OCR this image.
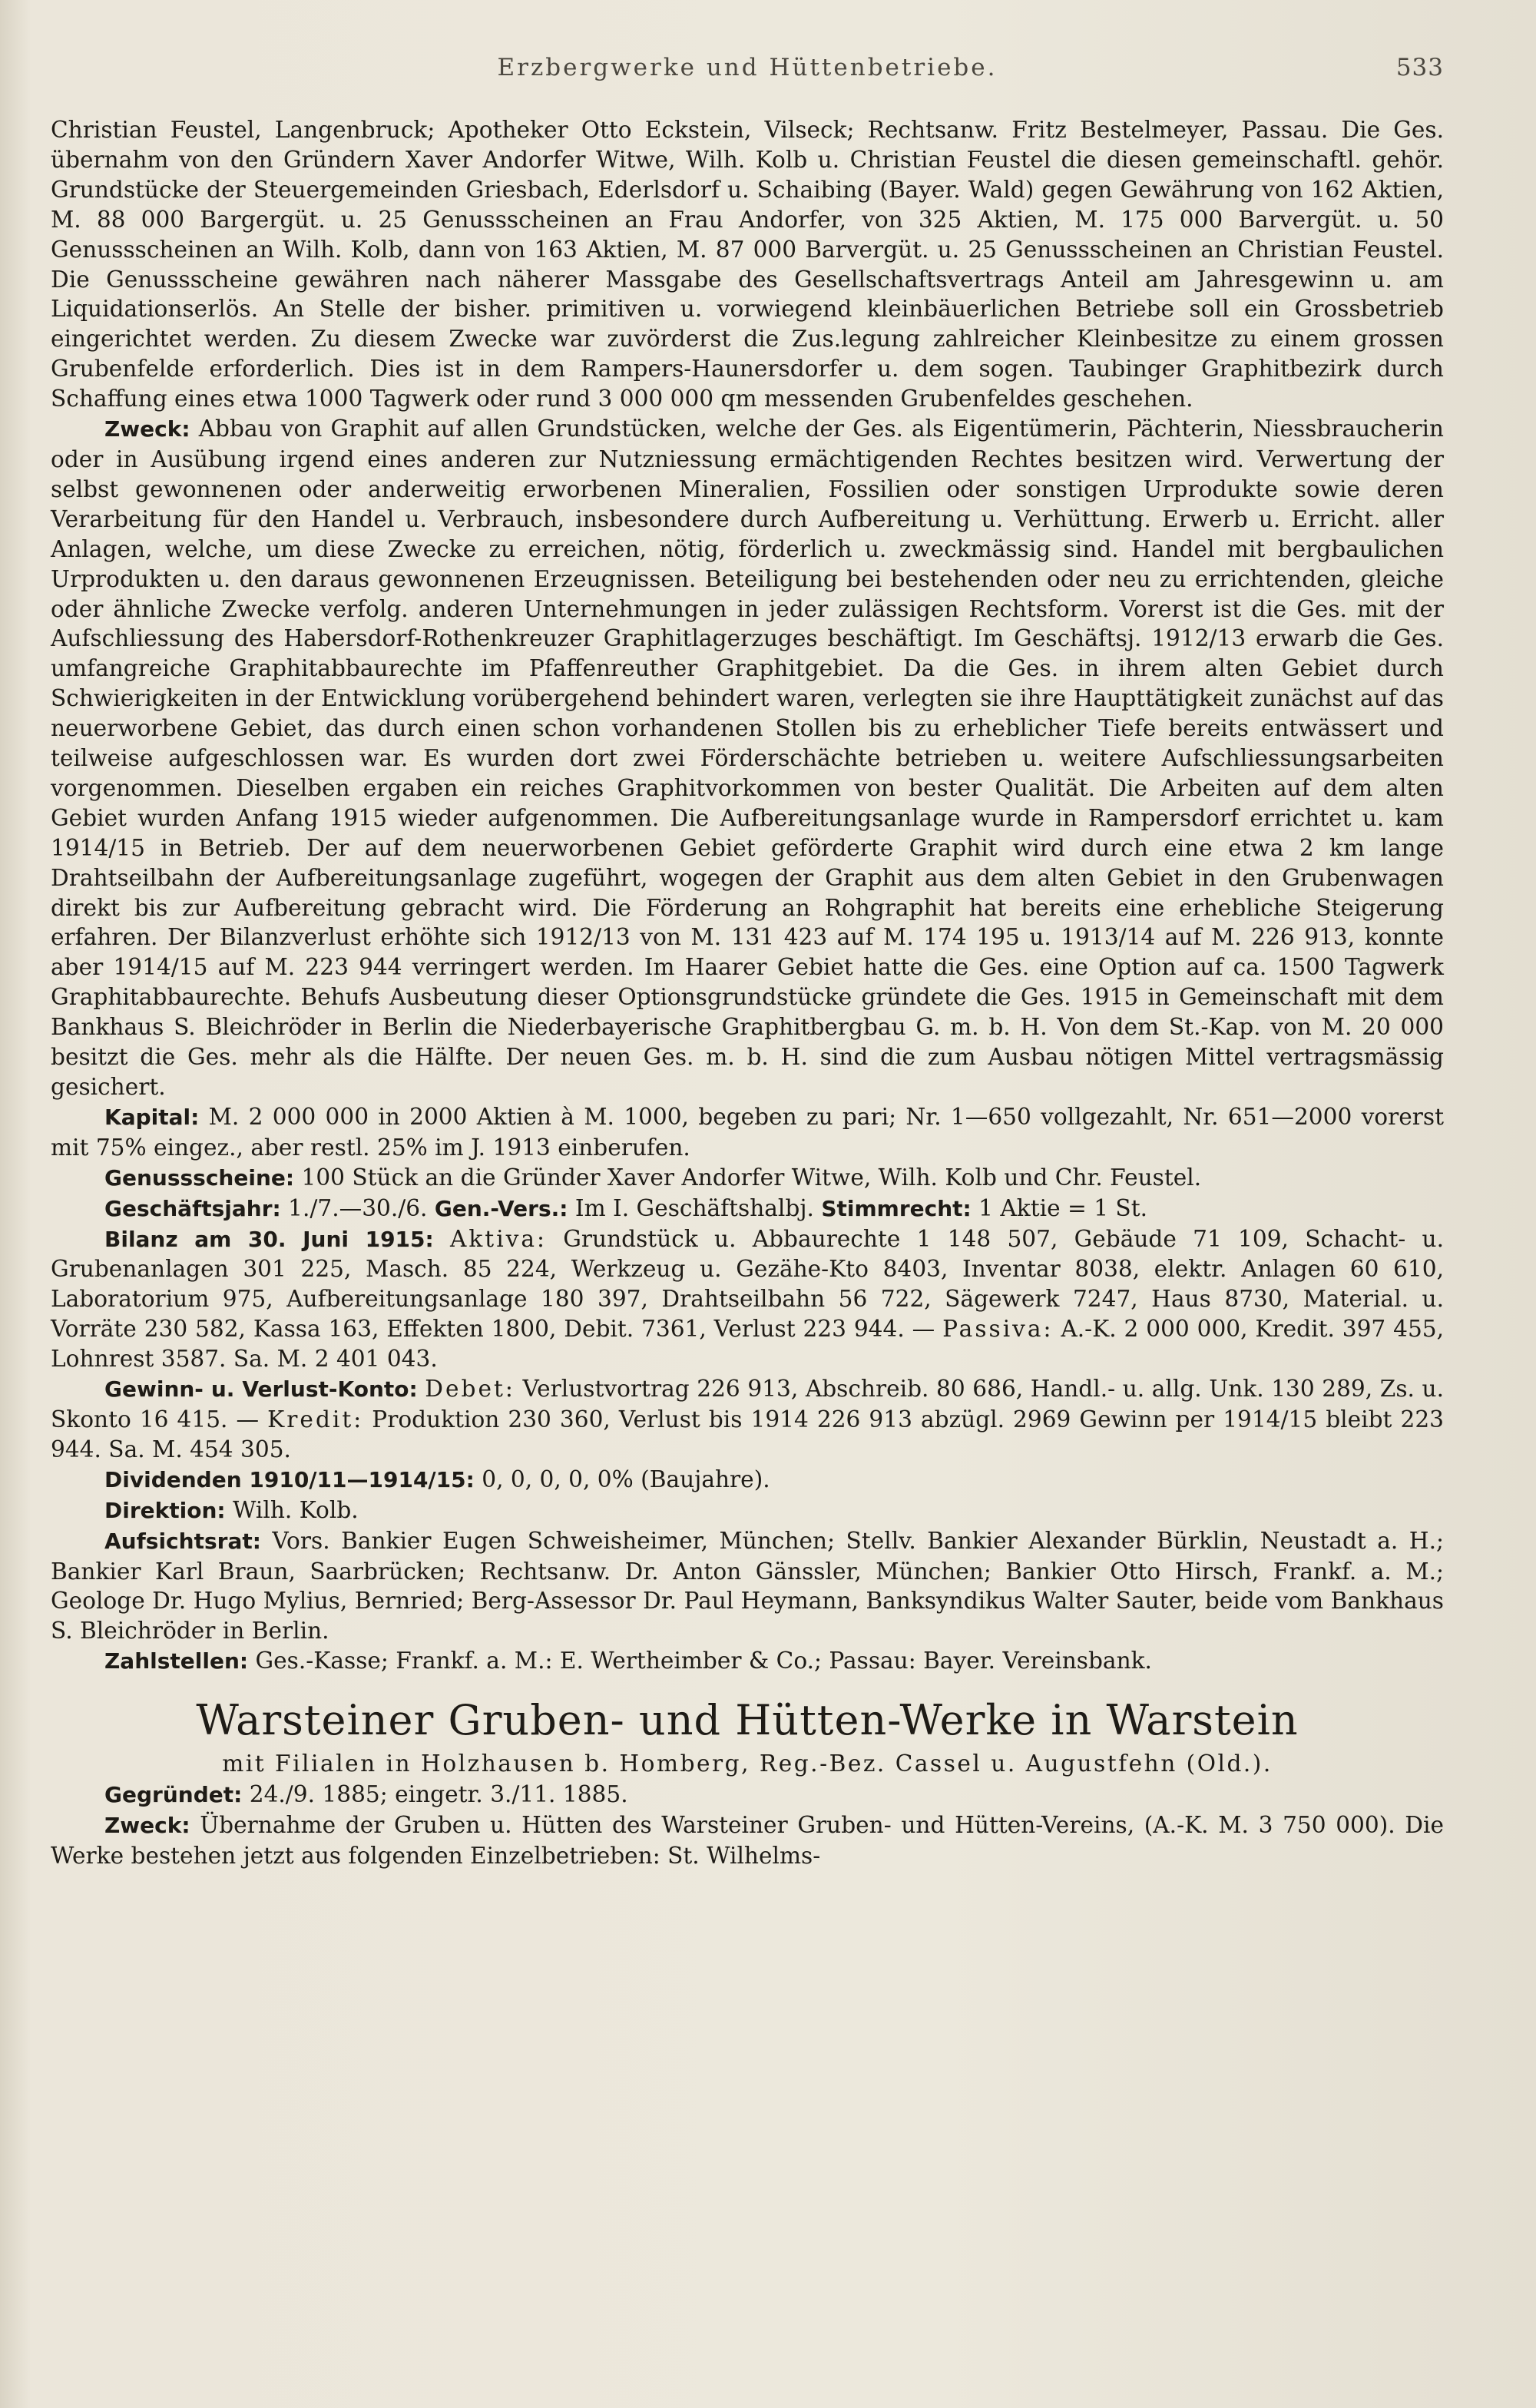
Erzbergwerke und Hüttenbetriebe.	533

Christian Feustel, Langenbruck; Apotheker Otto Eckstein, Vilseck; Rechtsanw. Fritz Bestelmeyer, Passau. Die Ges. übernahm von den Gründern Xaver Andorfer Witwe, Wilh. Kolb u. Christian Feustel die diesen gemeinschaftl. gehör. Grundstücke der Steuergemeinden Griesbach, Ederlsdorf u. Schaibing (Bayer. Wald) gegen Gewährung von 162 Aktien, M. 88 000 Bargergüt. u. 25 Genussscheinen an Frau Andorfer, von 325 Aktien, M. 175 000 Barvergüt. u. 50 Genussscheinen an Wilh. Kolb, dann von 163 Aktien, M. 87 000 Barvergüt. u. 25 Genussscheinen an Christian Feustel. Die Genussscheine gewähren nach näherer Massgabe des Gesellschaftsvertrags Anteil am Jahresgewinn u. am Liquidationserlös. An Stelle der bisher. primitiven u. vorwiegend kleinbäuerlichen Betriebe soll ein Grossbetrieb eingerichtet werden. Zu diesem Zwecke war zuvörderst die Zus.legung zahlreicher Kleinbesitze zu einem grossen Grubenfelde erforderlich. Dies ist in dem Rampers-Haunersdorfer u. dem sogen. Taubinger Graphitbezirk durch Schaffung eines etwa 1000 Tagwerk oder rund 3 000 000 qm messenden Grubenfeldes geschehen.

Zweck: Abbau von Graphit auf allen Grundstücken, welche der Ges. als Eigentümerin, Pächterin, Niessbraucherin oder in Ausübung irgend eines anderen zur Nutzniessung ermächtigenden Rechtes besitzen wird. Verwertung der selbst gewonnenen oder anderweitig erworbenen Mineralien, Fossilien oder sonstigen Urprodukte sowie deren Verarbeitung für den Handel u. Verbrauch, insbesondere durch Aufbereitung u. Verhüttung. Erwerb u. Erricht. aller Anlagen, welche, um diese Zwecke zu erreichen, nötig, förderlich u. zweckmässig sind. Handel mit bergbaulichen Urprodukten u. den daraus gewonnenen Erzeugnissen. Beteiligung bei bestehenden oder neu zu errichtenden, gleiche oder ähnliche Zwecke verfolg. anderen Unternehmungen in jeder zulässigen Rechtsform. Vorerst ist die Ges. mit der Aufschliessung des Habersdorf-Rothenkreuzer Graphitlagerzuges beschäftigt. Im Geschäftsj. 1912/13 erwarb die Ges. umfangreiche Graphitabbaurechte im Pfaffenreuther Graphitgebiet. Da die Ges. in ihrem alten Gebiet durch Schwierigkeiten in der Entwicklung vorübergehend behindert waren, verlegten sie ihre Haupttätigkeit zunächst auf das neuerworbene Gebiet, das durch einen schon vorhandenen Stollen bis zu erheblicher Tiefe bereits entwässert und teilweise aufgeschlossen war. Es wurden dort zwei Förderschächte betrieben u. weitere Aufschliessungsarbeiten vorgenommen. Dieselben ergaben ein reiches Graphitvorkommen von bester Qualität. Die Arbeiten auf dem alten Gebiet wurden Anfang 1915 wieder aufgenommen. Die Aufbereitungsanlage wurde in Rampersdorf errichtet u. kam 1914/15 in Betrieb. Der auf dem neuerworbenen Gebiet geförderte Graphit wird durch eine etwa 2 km lange Drahtseilbahn der Aufbereitungsanlage zugeführt, wogegen der Graphit aus dem alten Gebiet in den Grubenwagen direkt bis zur Aufbereitung gebracht wird. Die Förderung an Rohgraphit hat bereits eine erhebliche Steigerung erfahren. Der Bilanzverlust erhöhte sich 1912/13 von M. 131 423 auf M. 174 195 u. 1913/14 auf M. 226 913, konnte aber 1914/15 auf M. 223 944 verringert werden. Im Haarer Gebiet hatte die Ges. eine Option auf ca. 1500 Tagwerk Graphitabbaurechte. Behufs Ausbeutung dieser Optionsgrundstücke gründete die Ges. 1915 in Gemeinschaft mit dem Bankhaus S. Bleichröder in Berlin die Niederbayerische Graphitbergbau G. m. b. H. Von dem St.-Kap. von M. 20 000 besitzt die Ges. mehr als die Hälfte. Der neuen Ges. m. b. H. sind die zum Ausbau nötigen Mittel vertragsmässig gesichert.

Kapital: M. 2 000 000 in 2000 Aktien à M. 1000, begeben zu pari; Nr. 1—650 vollgezahlt, Nr. 651—2000 vorerst mit 75% eingez., aber restl. 25% im J. 1913 einberufen.

Genussscheine: 100 Stück an die Gründer Xaver Andorfer Witwe, Wilh. Kolb und Chr. Feustel.

Geschäftsjahr: 1./7.—30./6. Gen.-Vers.: Im I. Geschäftshalbj. Stimmrecht: 1 Aktie = 1 St.

Bilanz am 30. Juni 1915: Aktiva: Grundstück u. Abbaurechte 1 148 507, Gebäude 71 109, Schacht- u. Grubenanlagen 301 225, Masch. 85 224, Werkzeug u. Gezähe-Kto 8403, Inventar 8038, elektr. Anlagen 60 610, Laboratorium 975, Aufbereitungsanlage 180 397, Drahtseilbahn 56 722, Sägewerk 7247, Haus 8730, Material. u. Vorräte 230 582, Kassa 163, Effekten 1800, Debit. 7361, Verlust 223 944. — Passiva: A.-K. 2 000 000, Kredit. 397 455, Lohnrest 3587. Sa. M. 2 401 043.

Gewinn- u. Verlust-Konto: Debet: Verlustvortrag 226 913, Abschreib. 80 686, Handl.- u. allg. Unk. 130 289, Zs. u. Skonto 16 415. — Kredit: Produktion 230 360, Verlust bis 1914 226 913 abzügl. 2969 Gewinn per 1914/15 bleibt 223 944. Sa. M. 454 305.

Dividenden 1910/11—1914/15: 0, 0, 0, 0, 0% (Baujahre).

Direktion: Wilh. Kolb.

Aufsichtsrat: Vors. Bankier Eugen Schweisheimer, München; Stellv. Bankier Alexander Bürklin, Neustadt a. H.; Bankier Karl Braun, Saarbrücken; Rechtsanw. Dr. Anton Gänssler, München; Bankier Otto Hirsch, Frankf. a. M.; Geologe Dr. Hugo Mylius, Bernried; Berg-Assessor Dr. Paul Heymann, Banksyndikus Walter Sauter, beide vom Bankhaus S. Bleichröder in Berlin.

Zahlstellen: Ges.-Kasse; Frankf. a. M.: E. Wertheimber & Co.; Passau: Bayer. Vereinsbank.

Warsteiner Gruben- und Hütten-Werke in Warstein

mit Filialen in Holzhausen b. Homberg, Reg.-Bez. Cassel u. Augustfehn (Old.).

Gegründet: 24./9. 1885; eingetr. 3./11. 1885.

Zweck: Übernahme der Gruben u. Hütten des Warsteiner Gruben- und Hütten-Vereins, (A.-K. M. 3 750 000). Die Werke bestehen jetzt aus folgenden Einzelbetrieben: St. Wilhelms-
